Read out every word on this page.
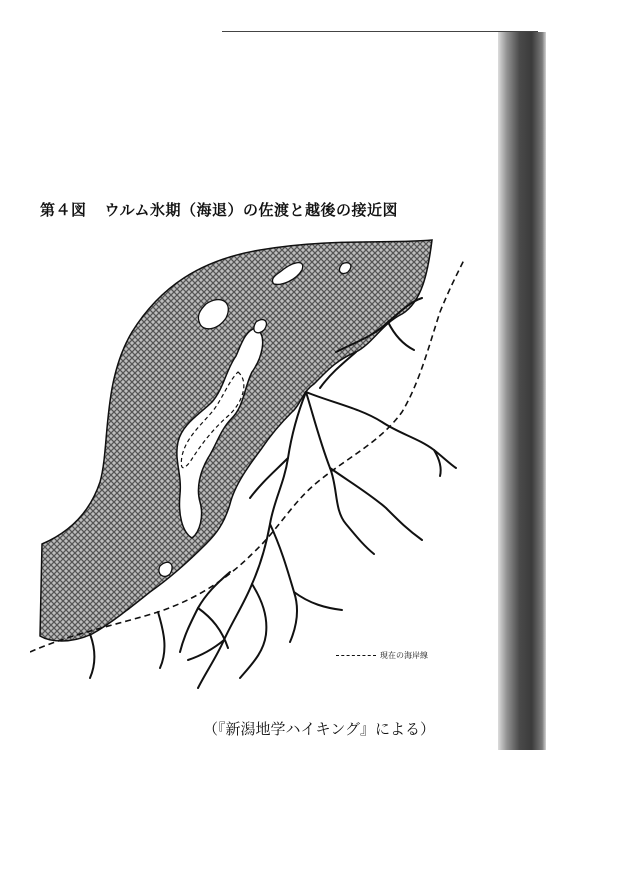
第４図 ウルム氷期（海退）の佐渡と越後の接近図
現在の海岸線
（『新潟地学ハイキング』による）
